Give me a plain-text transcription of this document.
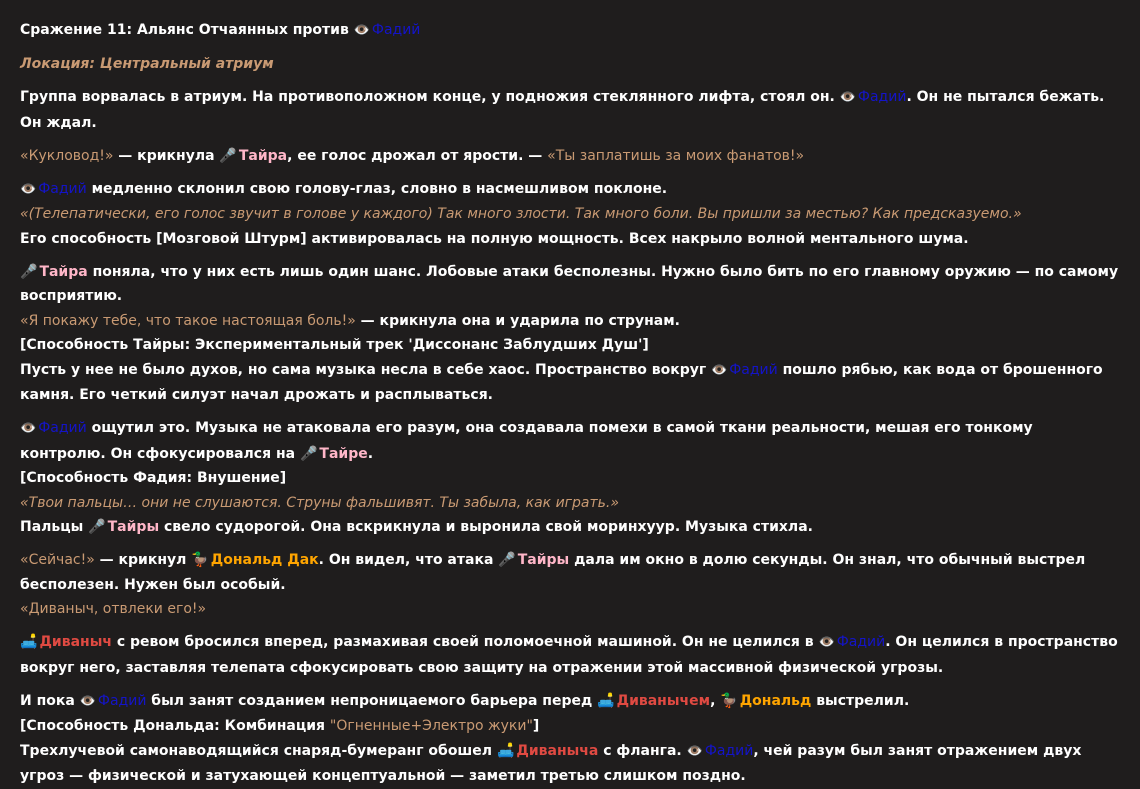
Сражение 11: Альянс Отчаянных против 👁️ Фадий
Локация: Центральный атриум
Группа ворвалась в атриум. На противоположном конце, у подножия стеклянного лифта, стоял он. 👁️ Фадий. Он не пытался бежать. Он ждал.
«Кукловод!» — крикнула 🎤 Тайра, ее голос дрожал от ярости. — «Ты заплатишь за моих фанатов!»
👁️ Фадий медленно склонил свою голову-глаз, словно в насмешливом поклоне.
«(Телепатически, его голос звучит в голове у каждого) Так много злости. Так много боли. Вы пришли за местью? Как предсказуемо.»
Его способность [Мозговой Штурм] активировалась на полную мощность. Всех накрыло волной ментального шума.
🎤 Тайра поняла, что у них есть лишь один шанс. Лобовые атаки бесполезны. Нужно было бить по его главному оружию — по самому восприятию.
«Я покажу тебе, что такое настоящая боль!» — крикнула она и ударила по струнам.
[Способность Тайры: Экспериментальный трек 'Диссонанс Заблудших Душ']
Пусть у нее не было духов, но сама музыка несла в себе хаос. Пространство вокруг 👁️ Фадий пошло рябью, как вода от брошенного камня. Его четкий силуэт начал дрожать и расплываться.
👁️ Фадий ощутил это. Музыка не атаковала его разум, она создавала помехи в самой ткани реальности, мешая его тонкому контролю. Он сфокусировался на 🎤 Тайре.
[Способность Фадия: Внушение]
«Твои пальцы… они не слушаются. Струны фальшивят. Ты забыла, как играть.»
Пальцы 🎤 Тайры свело судорогой. Она вскрикнула и выронила свой моринхуур. Музыка стихла.
«Сейчас!» — крикнул 🦆 Дональд Дак. Он видел, что атака 🎤 Тайры дала им окно в долю секунды. Он знал, что обычный выстрел бесполезен. Нужен был особый.
«Диваныч, отвлеки его!»
🛋️ Диваныч с ревом бросился вперед, размахивая своей поломоечной машиной. Он не целился в 👁️ Фадий. Он целился в пространство вокруг него, заставляя телепата сфокусировать свою защиту на отражении этой массивной физической угрозы.
И пока 👁️ Фадий был занят созданием непроницаемого барьера перед 🛋️ Диванычем, 🦆 Дональд выстрелил.
[Способность Дональда: Комбинация "Огненные+Электро жуки"]
Трехлучевой самонаводящийся снаряд-бумеранг обошел 🛋️ Диваныча с фланга. 👁️ Фадий, чей разум был занят отражением двух угроз — физической и затухающей концептуальной — заметил третью слишком поздно.
